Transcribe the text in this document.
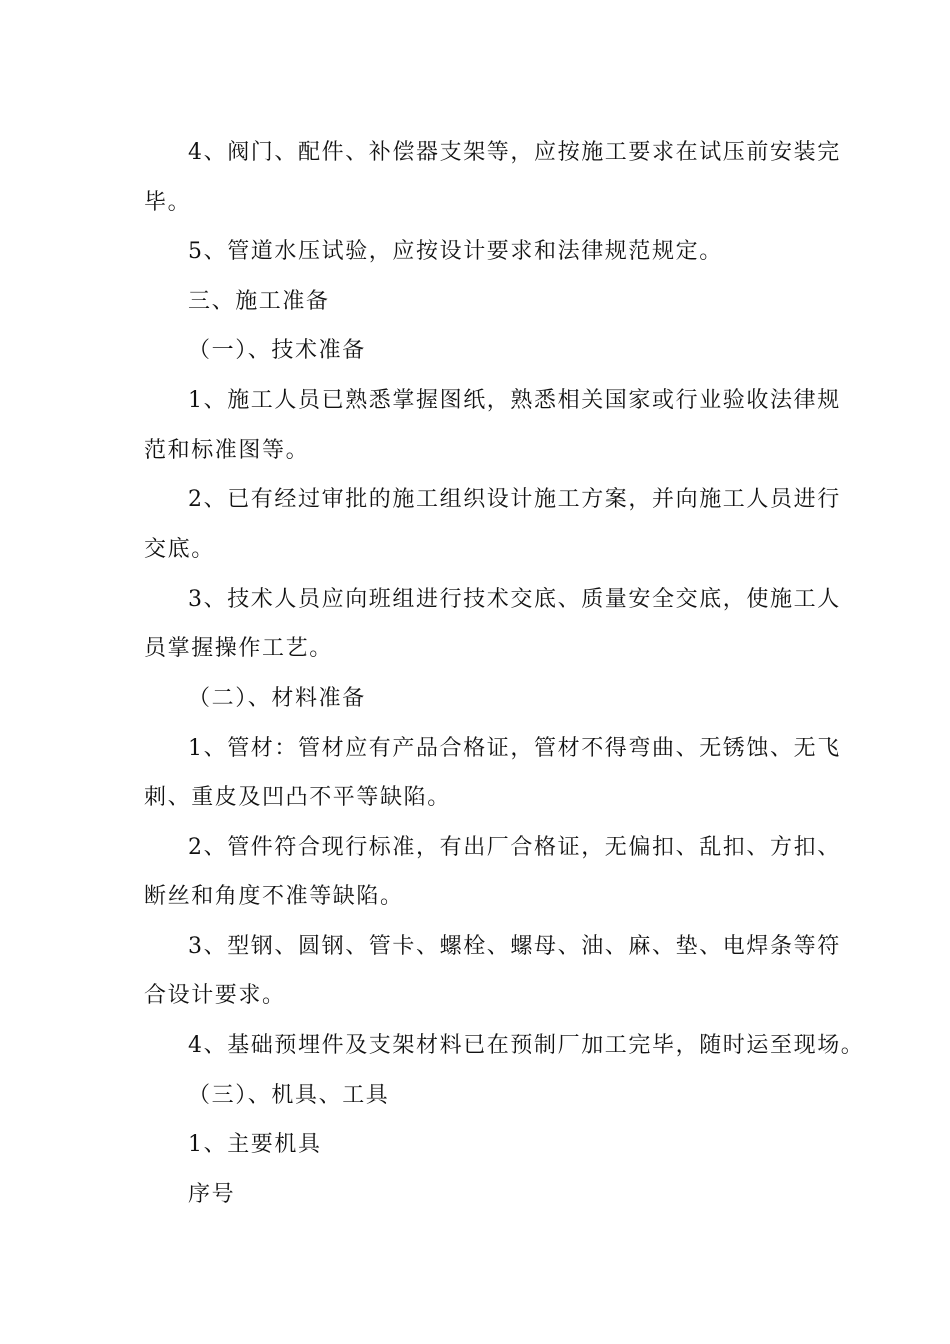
4、阀门、配件、补偿器支架等，应按施工要求在试压前安装完
毕。
5、管道水压试验，应按设计要求和法律规范规定。
三、施工准备
（一）、技术准备
1、施工人员已熟悉掌握图纸，熟悉相关国家或行业验收法律规
范和标准图等。
2、已有经过审批的施工组织设计施工方案，并向施工人员进行
交底。
3、技术人员应向班组进行技术交底、质量安全交底，使施工人
员掌握操作工艺。
（二）、材料准备
1、管材：管材应有产品合格证，管材不得弯曲、无锈蚀、无飞
刺、重皮及凹凸不平等缺陷。
2、管件符合现行标准，有出厂合格证，无偏扣、乱扣、方扣、
断丝和角度不准等缺陷。
3、型钢、圆钢、管卡、螺栓、螺母、油、麻、垫、电焊条等符
合设计要求。
4、基础预埋件及支架材料已在预制厂加工完毕，随时运至现场。
（三）、机具、工具
1、主要机具
序号
